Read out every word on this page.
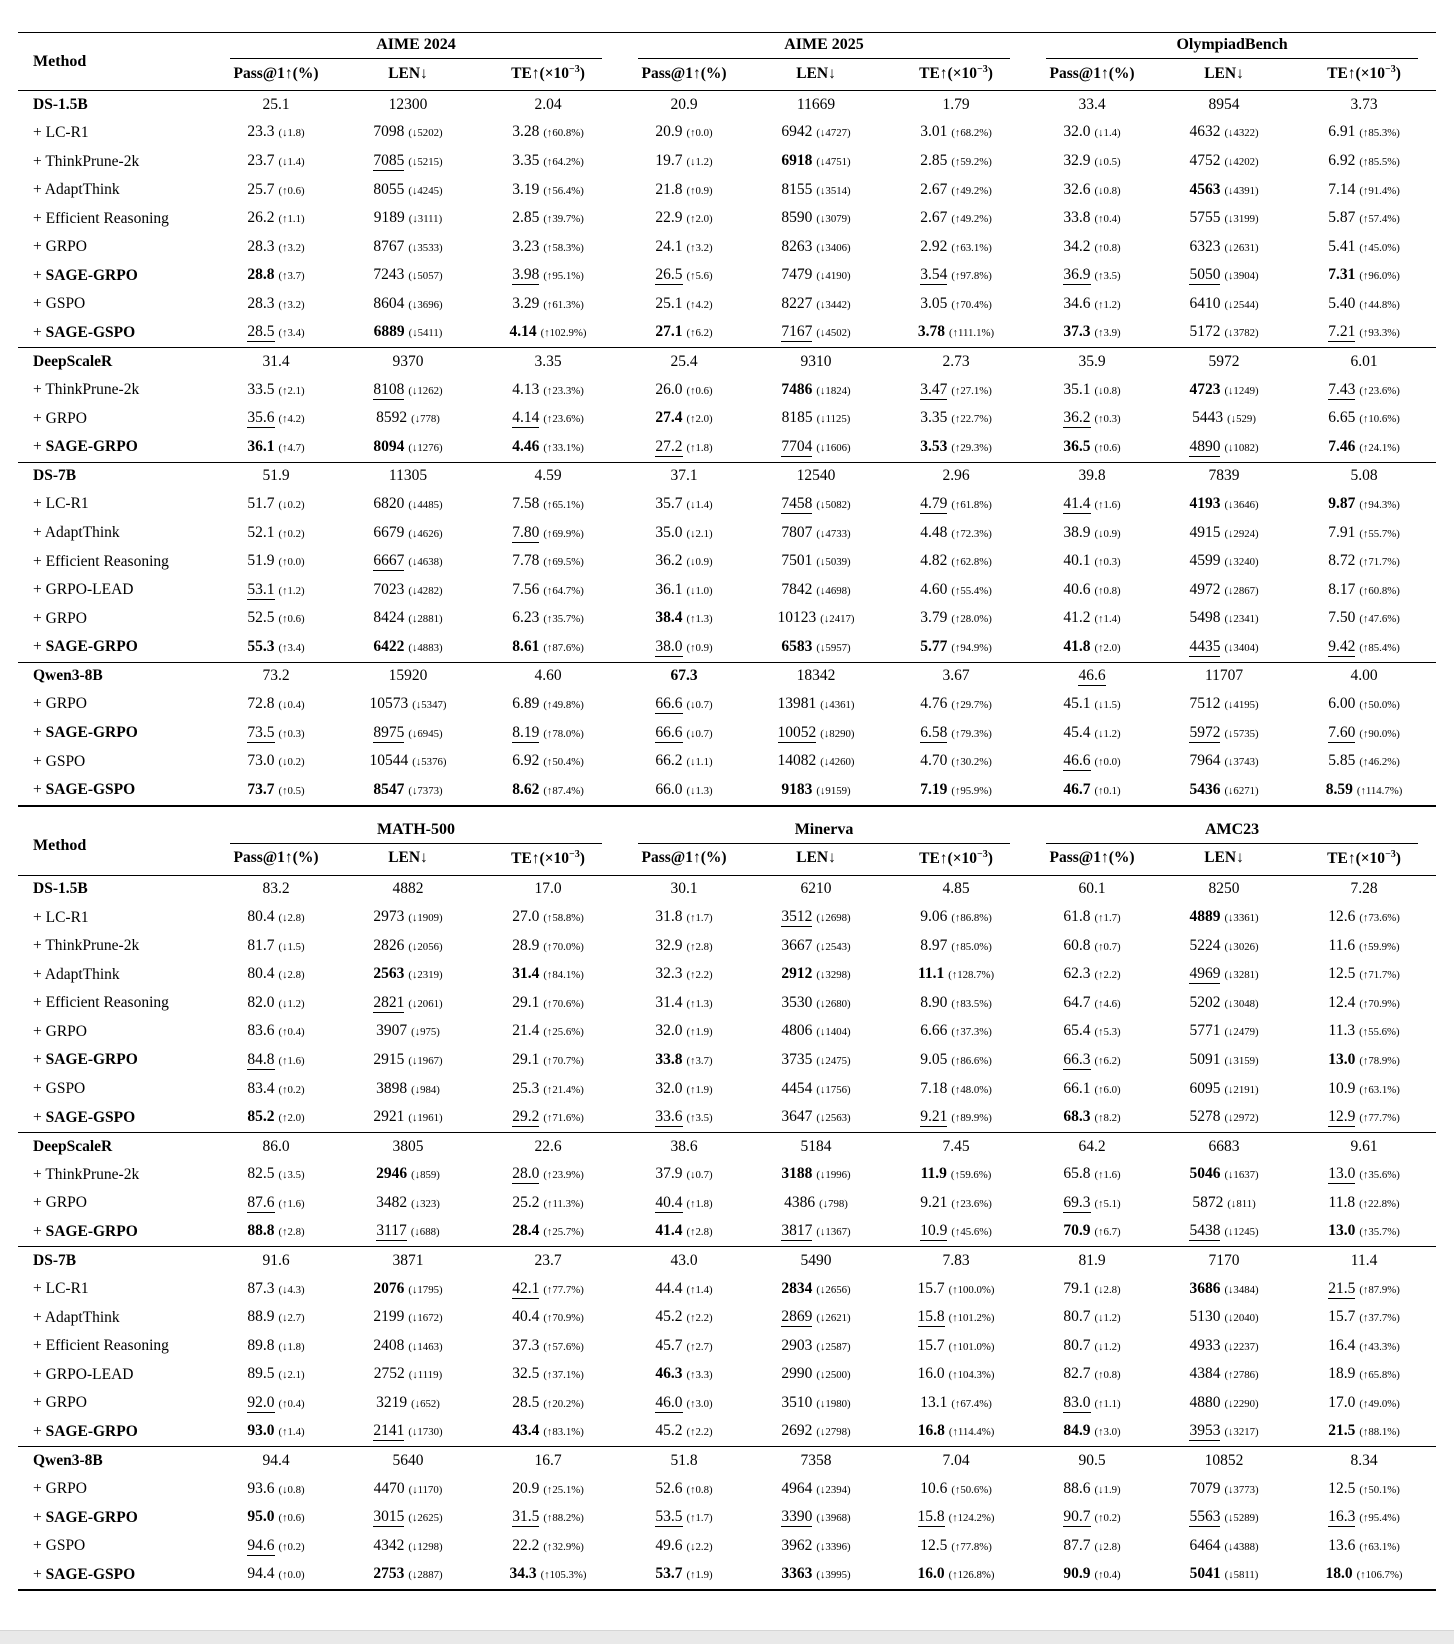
Method	AIME 2024			AIME 2025			OlympiadBench		

	Pass@1↑(%)	LEN↓	$TE↑(\times 10^{-3})$	Pass@1↑(%)	LEN↓	$TE↑(\times 10^{-3})$	Pass@1↑(%)	LEN↓	$TE↑(\times 10^{-3})$
DS-1.5B	25.1	12300	2.04	20.9	11669	1.79	33.4	8954	3.73
+ LC-R1	23.3 (↓1.8)	7098 (↓5202)	3.28 (↑60.8%)	20.9 (↑0.0)	6942 (↓4727)	3.01 (↑68.2%)	32.0 (↓1.4)	4632 (↓4322)	6.91 (↑85.3%)
+ ThinkPrune-2k	23.7 (↓1.4)	7085 (↓5215)	3.35 (↑64.2%)	19.7 (↓1.2)	6918 (↓4751)	2.85 (↑59.2%)	32.9 (↓0.5)	4752 (↓4202)	6.92 (↑85.5%)
+ AdaptThink	25.7 (↑0.6)	8055 (↓4245)	3.19 (↑56.4%)	21.8 (↑0.9)	8155 (↓3514)	2.67 (↑49.2%)	32.6 (↓0.8)	4563 (↓4391)	7.14 (↑91.4%)
+ Efficient Reasoning	26.2 (↑1.1)	9189 (↓3111)	2.85 (↑39.7%)	22.9 (↑2.0)	8590 (↓3079)	2.67 (↑49.2%)	33.8 (↑0.4)	5755 (↓3199)	5.87 (↑57.4%)
+ GRPO	28.3 (↑3.2)	8767 (↓3533)	3.23 (↑58.3%)	24.1 (↑3.2)	8263 (↓3406)	2.92 (↑63.1%)	34.2 (↑0.8)	6323 (↓2631)	5.41 (↑45.0%)
+ SAGE-GRPO	28.8 (↑3.7)	7243 (↓5057)	3.98 (↑95.1%)	26.5 (↑5.6)	7479 (↓4190)	3.54 (↑97.8%)	36.9 (↑3.5)	5050 (↓3904)	7.31 (↑96.0%)
+ GSPO	28.3 (↑3.2)	8604 (↓3696)	3.29 (↑61.3%)	25.1 (↑4.2)	8227 (↓3442)	3.05 (↑70.4%)	34.6 (↑1.2)	6410 (↓2544)	5.40 (↑44.8%)
+ SAGE-GSPO	28.5 (↑3.4)	6889 (↓5411)	4.14 (↑102.9%)	27.1 (↑6.2)	7167 (↓4502)	3.78 (↑111.1%)	37.3 (↑3.9)	5172 (↓3782)	7.21 (↑93.3%)
DeepScaleR	31.4	9370	3.35	25.4	9310	2.73	35.9	5972	6.01
+ ThinkPrune-2k	33.5 (↑2.1)	8108 (↓1262)	4.13 (↑23.3%)	26.0 (↑0.6)	7486 (↓1824)	3.47 (↑27.1%)	35.1 (↓0.8)	4723 (↓1249)	7.43 (↑23.6%)
+ GRPO	35.6 (↑4.2)	8592 (↓778)	4.14 (↑23.6%)	27.4 (↑2.0)	8185 (↓1125)	3.35 (↑22.7%)	36.2 (↑0.3)	5443 (↓529)	6.65 (↑10.6%)
+ SAGE-GRPO	36.1 (↑4.7)	8094 (↓1276)	4.46 (↑33.1%)	27.2 (↑1.8)	7704 (↓1606)	3.53 (↑29.3%)	36.5 (↑0.6)	4890 (↓1082)	7.46 (↑24.1%)
DS-7B	51.9	11305	4.59	37.1	12540	2.96	39.8	7839	5.08
+ LC-R1	51.7 (↓0.2)	6820 (↓4485)	7.58 (↑65.1%)	35.7 (↓1.4)	7458 (↓5082)	4.79 (↑61.8%)	41.4 (↑1.6)	4193 (↓3646)	9.87 (↑94.3%)
+ AdaptThink	52.1 (↑0.2)	6679 (↓4626)	7.80 (↑69.9%)	35.0 (↓2.1)	7807 (↓4733)	4.48 (↑72.3%)	38.9 (↓0.9)	4915 (↓2924)	7.91 (↑55.7%)
+ Efficient Reasoning	51.9 (↑0.0)	6667 (↓4638)	7.78 (↑69.5%)	36.2 (↓0.9)	7501 (↓5039)	4.82 (↑62.8%)	40.1 (↑0.3)	4599 (↓3240)	8.72 (↑71.7%)
+ GRPO-LEAD	53.1 (↑1.2)	7023 (↓4282)	7.56 (↑64.7%)	36.1 (↓1.0)	7842 (↓4698)	4.60 (↑55.4%)	40.6 (↑0.8)	4972 (↓2867)	8.17 (↑60.8%)
+ GRPO	52.5 (↑0.6)	8424 (↓2881)	6.23 (↑35.7%)	38.4 (↑1.3)	10123 (↓2417)	3.79 (↑28.0%)	41.2 (↑1.4)	5498 (↓2341)	7.50 (↑47.6%)
+ SAGE-GRPO	55.3 (↑3.4)	6422 (↓4883)	8.61 (↑87.6%)	38.0 (↑0.9)	6583 (↓5957)	5.77 (↑94.9%)	41.8 (↑2.0)	4435 (↓3404)	9.42 (↑85.4%)
Qwen3-8B	73.2	15920	4.60	67.3	18342	3.67	46.6	11707	4.00
+ GRPO	72.8 (↓0.4)	10573 (↓5347)	6.89 (↑49.8%)	66.6 (↓0.7)	13981 (↓4361)	4.76 (↑29.7%)	45.1 (↓1.5)	7512 (↓4195)	6.00 (↑50.0%)
+ SAGE-GRPO	73.5 (↑0.3)	8975 (↓6945)	8.19 (↑78.0%)	66.6 (↓0.7)	10052 (↓8290)	6.58 (↑79.3%)	45.4 (↓1.2)	5972 (↓5735)	7.60 (↑90.0%)
+ GSPO	73.0 (↓0.2)	10544 (↓5376)	6.92 (↑50.4%)	66.2 (↓1.1)	14082 (↓4260)	4.70 (↑30.2%)	46.6 (↑0.0)	7964 (↓3743)	5.85 (↑46.2%)
+ SAGE-GSPO	73.7 (↑0.5)	8547 (↓7373)	8.62 (↑87.4%)	66.0 (↓1.3)	9183 (↓9159)	7.19 (↑95.9%)	46.7 (↑0.1)	5436 (↓6271)	8.59 (↑114.7%)
Method	MATH-500			Minerva			AMC23		

	Pass@1↑(%)	LEN↓	$TE↑(\times 10^{-3})$	Pass@1↑(%)	LEN↓	$TE↑(\times 10^{-3})$	Pass@1↑(%)	LEN↓	$TE↑(\times 10^{-3})$
DS-1.5B	83.2	4882	17.0	30.1	6210	4.85	60.1	8250	7.28
+ LC-R1	80.4 (↓2.8)	2973 (↓1909)	27.0 (↑58.8%)	31.8 (↑1.7)	3512 (↓2698)	9.06 (↑86.8%)	61.8 (↑1.7)	4889 (↓3361)	12.6 (↑73.6%)
+ ThinkPrune-2k	81.7 (↓1.5)	2826 (↓2056)	28.9 (↑70.0%)	32.9 (↑2.8)	3667 (↓2543)	8.97 (↑85.0%)	60.8 (↑0.7)	5224 (↓3026)	11.6 (↑59.9%)
+ AdaptThink	80.4 (↓2.8)	2563 (↓2319)	31.4 (↑84.1%)	32.3 (↑2.2)	2912 (↓3298)	11.1 (↑128.7%)	62.3 (↑2.2)	4969 (↓3281)	12.5 (↑71.7%)
+ Efficient Reasoning	82.0 (↓1.2)	2821 (↓2061)	29.1 (↑70.6%)	31.4 (↑1.3)	3530 (↓2680)	8.90 (↑83.5%)	64.7 (↑4.6)	5202 (↓3048)	12.4 (↑70.9%)
+ GRPO	83.6 (↑0.4)	3907 (↓975)	21.4 (↑25.6%)	32.0 (↑1.9)	4806 (↓1404)	6.66 (↑37.3%)	65.4 (↑5.3)	5771 (↓2479)	11.3 (↑55.6%)
+ SAGE-GRPO	84.8 (↑1.6)	2915 (↓1967)	29.1 (↑70.7%)	33.8 (↑3.7)	3735 (↓2475)	9.05 (↑86.6%)	66.3 (↑6.2)	5091 (↓3159)	13.0 (↑78.9%)
+ GSPO	83.4 (↑0.2)	3898 (↓984)	25.3 (↑21.4%)	32.0 (↑1.9)	4454 (↓1756)	7.18 (↑48.0%)	66.1 (↑6.0)	6095 (↓2191)	10.9 (↑63.1%)
+ SAGE-GSPO	85.2 (↑2.0)	2921 (↓1961)	29.2 (↑71.6%)	33.6 (↑3.5)	3647 (↓2563)	9.21 (↑89.9%)	68.3 (↑8.2)	5278 (↓2972)	12.9 (↑77.7%)
DeepScaleR	86.0	3805	22.6	38.6	5184	7.45	64.2	6683	9.61
+ ThinkPrune-2k	82.5 (↓3.5)	2946 (↓859)	28.0 (↑23.9%)	37.9 (↓0.7)	3188 (↓1996)	11.9 (↑59.6%)	65.8 (↑1.6)	5046 (↓1637)	13.0 (↑35.6%)
+ GRPO	87.6 (↑1.6)	3482 (↓323)	25.2 (↑11.3%)	40.4 (↑1.8)	4386 (↓798)	9.21 (↑23.6%)	69.3 (↑5.1)	5872 (↓811)	11.8 (↑22.8%)
+ SAGE-GRPO	88.8 (↑2.8)	3117 (↓688)	28.4 (↑25.7%)	41.4 (↑2.8)	3817 (↓1367)	10.9 (↑45.6%)	70.9 (↑6.7)	5438 (↓1245)	13.0 (↑35.7%)
DS-7B	91.6	3871	23.7	43.0	5490	7.83	81.9	7170	11.4
+ LC-R1	87.3 (↓4.3)	2076 (↓1795)	42.1 (↑77.7%)	44.4 (↑1.4)	2834 (↓2656)	15.7 (↑100.0%)	79.1 (↓2.8)	3686 (↓3484)	21.5 (↑87.9%)
+ AdaptThink	88.9 (↓2.7)	2199 (↓1672)	40.4 (↑70.9%)	45.2 (↑2.2)	2869 (↓2621)	15.8 (↑101.2%)	80.7 (↓1.2)	5130 (↓2040)	15.7 (↑37.7%)
+ Efficient Reasoning	89.8 (↓1.8)	2408 (↓1463)	37.3 (↑57.6%)	45.7 (↑2.7)	2903 (↓2587)	15.7 (↑101.0%)	80.7 (↓1.2)	4933 (↓2237)	16.4 (↑43.3%)
+ GRPO-LEAD	89.5 (↓2.1)	2752 (↓1119)	32.5 (↑37.1%)	46.3 (↑3.3)	2990 (↓2500)	16.0 (↑104.3%)	82.7 (↑0.8)	4384 (↑2786)	18.9 (↑65.8%)
+ GRPO	92.0 (↑0.4)	3219 (↓652)	28.5 (↑20.2%)	46.0 (↑3.0)	3510 (↓1980)	13.1 (↑67.4%)	83.0 (↑1.1)	4880 (↓2290)	17.0 (↑49.0%)
+ SAGE-GRPO	93.0 (↑1.4)	2141 (↓1730)	43.4 (↑83.1%)	45.2 (↑2.2)	2692 (↓2798)	16.8 (↑114.4%)	84.9 (↑3.0)	3953 (↓3217)	21.5 (↑88.1%)
Qwen3-8B	94.4	5640	16.7	51.8	7358	7.04	90.5	10852	8.34
+ GRPO	93.6 (↓0.8)	4470 (↓1170)	20.9 (↑25.1%)	52.6 (↑0.8)	4964 (↓2394)	10.6 (↑50.6%)	88.6 (↓1.9)	7079 (↓3773)	12.5 (↑50.1%)
+ SAGE-GRPO	95.0 (↑0.6)	3015 (↓2625)	31.5 (↑88.2%)	53.5 (↑1.7)	3390 (↓3968)	15.8 (↑124.2%)	90.7 (↑0.2)	5563 (↓5289)	16.3 (↑95.4%)
+ GSPO	94.6 (↑0.2)	4342 (↓1298)	22.2 (↑32.9%)	49.6 (↓2.2)	3962 (↓3396)	12.5 (↑77.8%)	87.7 (↓2.8)	6464 (↓4388)	13.6 (↑63.1%)
+ SAGE-GSPO	94.4 (↑0.0)	2753 (↓2887)	34.3 (↑105.3%)	53.7 (↑1.9)	3363 (↓3995)	16.0 (↑126.8%)	90.9 (↑0.4)	5041 (↓5811)	18.0 (↑106.7%)
